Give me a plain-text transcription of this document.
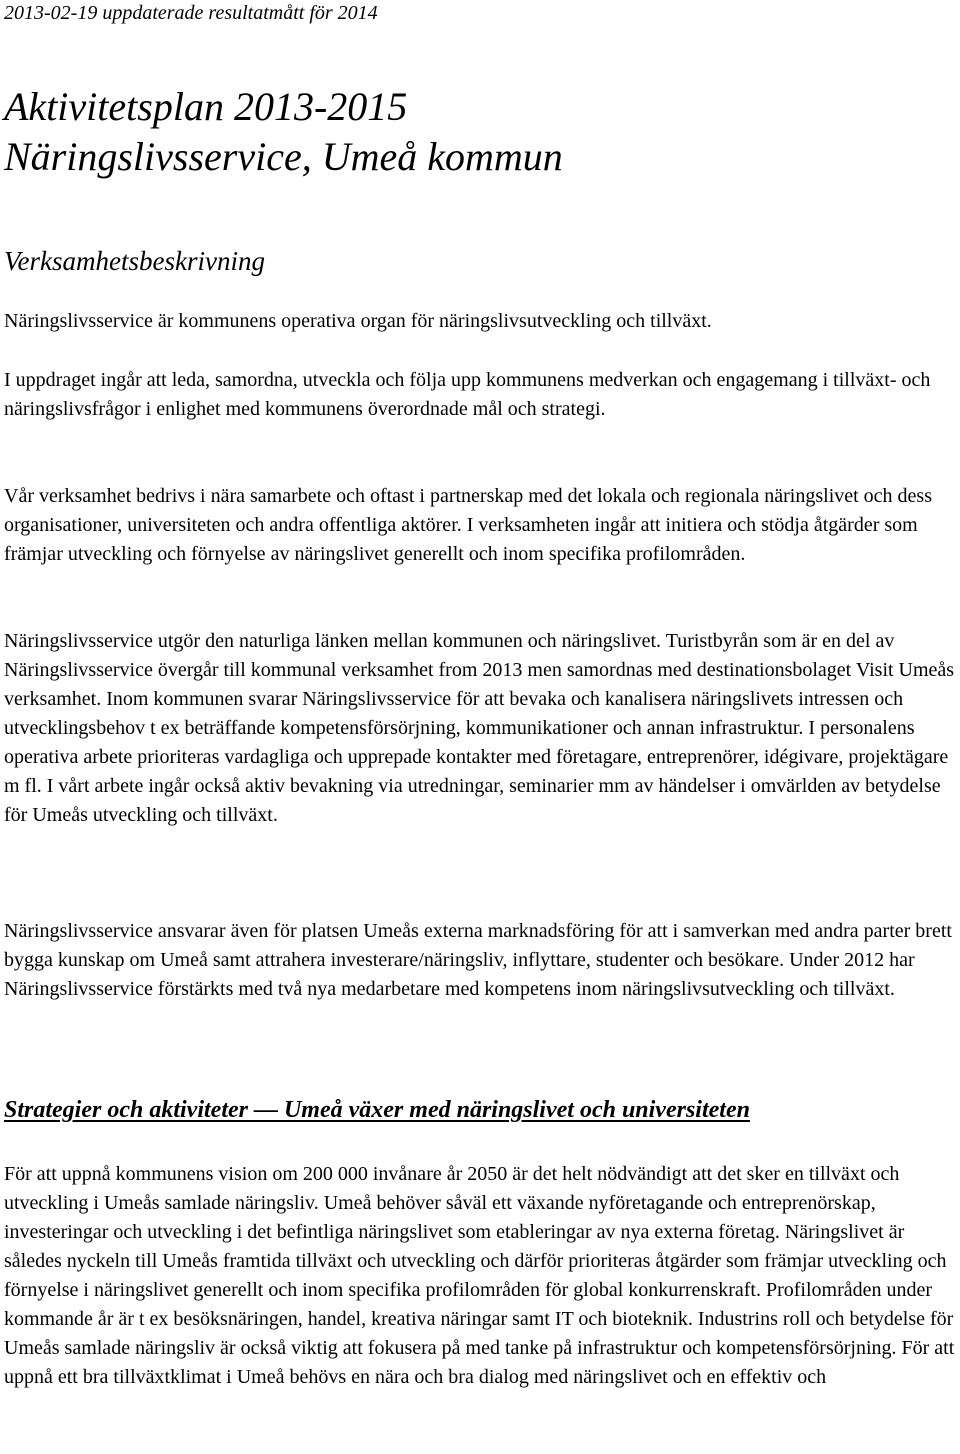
2013-02-19 uppdaterade resultatmått för 2014
Aktivitetsplan 2013-2015
Näringslivsservice, Umeå kommun
Verksamhetsbeskrivning

Näringslivsservice är kommunens operativa organ för näringslivsutveckling och tillväxt.

I uppdraget ingår att leda, samordna, utveckla och följa upp kommunens medverkan och engagemang i tillväxt- och näringslivsfrågor i enlighet med kommunens överordnade mål och strategi.

Vår verksamhet bedrivs i nära samarbete och oftast i partnerskap med det lokala och regionala näringslivet och dess organisationer, universiteten och andra offentliga aktörer. I verksamheten ingår att initiera och stödja åtgärder som främjar utveckling och förnyelse av näringslivet generellt och inom specifika profilområden.

Näringslivsservice utgör den naturliga länken mellan kommunen och näringslivet. Turistbyrån som är en del av Näringslivsservice övergår till kommunal verksamhet from 2013 men samordnas med destinationsbolaget Visit Umeås verksamhet. Inom kommunen svarar Näringslivsservice för att bevaka och kanalisera näringslivets intressen och utvecklingsbehov t ex beträffande kompetensförsörjning, kommunikationer och annan infrastruktur. I personalens operativa arbete prioriteras vardagliga och upprepade kontakter med företagare, entreprenörer, idégivare, projektägare m fl. I vårt arbete ingår också aktiv bevakning via utredningar, seminarier mm av händelser i omvärlden av betydelse för Umeås utveckling och tillväxt.

Näringslivsservice ansvarar även för platsen Umeås externa marknadsföring för att i samverkan med andra parter brett bygga kunskap om Umeå samt attrahera investerare/näringsliv, inflyttare, studenter och besökare. Under 2012 har Näringslivsservice förstärkts med två nya medarbetare med kompetens inom näringslivsutveckling och tillväxt.

Strategier och aktiviteter — Umeå växer med näringslivet och universiteten

För att uppnå kommunens vision om 200 000 invånare år 2050 är det helt nödvändigt att det sker en tillväxt och utveckling i Umeås samlade näringsliv. Umeå behöver såväl ett växande nyföretagande och entreprenörskap, investeringar och utveckling i det befintliga näringslivet som etableringar av nya externa företag. Näringslivet är således nyckeln till Umeås framtida tillväxt och utveckling och därför prioriteras åtgärder som främjar utveckling och förnyelse i näringslivet generellt och inom specifika profilområden för global konkurrenskraft. Profilområden under kommande år är t ex besöksnäringen, handel, kreativa näringar samt IT och bioteknik. Industrins roll och betydelse för Umeås samlade näringsliv är också viktig att fokusera på med tanke på infrastruktur och kompetensförsörjning. För att uppnå ett bra tillväxtklimat i Umeå behövs en nära och bra dialog med näringslivet och en effektiv och
